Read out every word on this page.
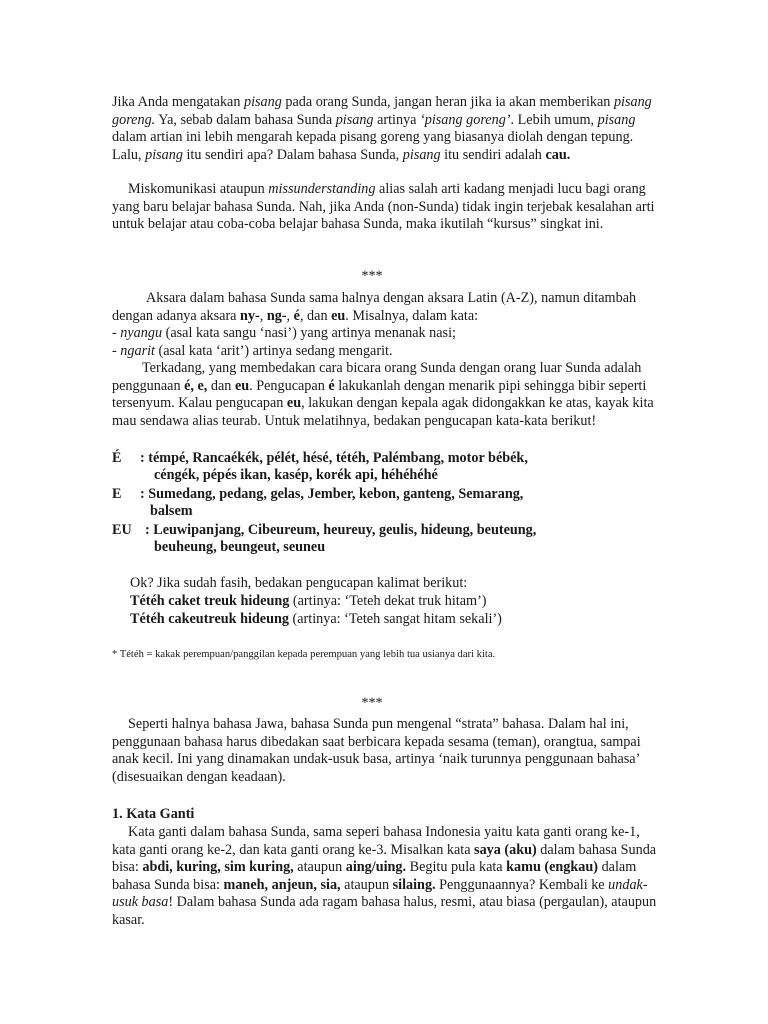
Jika Anda mengatakan pisang pada orang Sunda, jangan heran jika ia akan memberikan pisang goreng. Ya, sebab dalam bahasa Sunda pisang artinya ‘pisang goreng’. Lebih umum, pisang dalam artian ini lebih mengarah kepada pisang goreng yang biasanya diolah dengan tepung. Lalu, pisang itu sendiri apa? Dalam bahasa Sunda, pisang itu sendiri adalah cau.

Miskomunikasi ataupun missunderstanding alias salah arti kadang menjadi lucu bagi orang yang baru belajar bahasa Sunda. Nah, jika Anda (non-Sunda) tidak ingin terjebak kesalahan arti untuk belajar atau coba-coba belajar bahasa Sunda, maka ikutilah “kursus” singkat ini.

***

Aksara dalam bahasa Sunda sama halnya dengan aksara Latin (A-Z), namun ditambah dengan adanya aksara ny-, ng-, é, dan eu. Misalnya, dalam kata:

- nyangu (asal kata sangu ‘nasi’) yang artinya menanak nasi;

- ngarit (asal kata ‘arit’) artinya sedang mengarit.

Terkadang, yang membedakan cara bicara orang Sunda dengan orang luar Sunda adalah penggunaan é, e, dan eu. Pengucapan é lakukanlah dengan menarik pipi sehingga bibir seperti tersenyum. Kalau pengucapan eu, lakukan dengan kepala agak didongakkan ke atas, kayak kita mau sendawa alias teurab. Untuk melatihnya, bedakan pengucapan kata-kata berikut!

É : témpé, Rancaékék, pélét, hésé, tétéh, Palémbang, motor bébék,
céngék, pépés ikan, kasép, korék api, héhéhéhé
E : Sumedang, pedang, gelas, Jember, kebon, ganteng, Semarang,
balsem
EU : Leuwipanjang, Cibeureum, heureuy, geulis, hideung, beuteung,
beuheung, beungeut, seuneu

Ok? Jika sudah fasih, bedakan pengucapan kalimat berikut:

Tétéh caket treuk hideung (artinya: ‘Teteh dekat truk hitam’)

Tétéh cakeutreuk hideung (artinya: ‘Teteh sangat hitam sekali’)

* Tétéh = kakak perempuan/panggilan kepada perempuan yang lebih tua usianya dari kita.

***

Seperti halnya bahasa Jawa, bahasa Sunda pun mengenal “strata” bahasa. Dalam hal ini, penggunaan bahasa harus dibedakan saat berbicara kepada sesama (teman), orangtua, sampai anak kecil. Ini yang dinamakan undak-usuk basa, artinya ‘naik turunnya penggunaan bahasa’ (disesuaikan dengan keadaan).

1. Kata Ganti

Kata ganti dalam bahasa Sunda, sama seperi bahasa Indonesia yaitu kata ganti orang ke-1, kata ganti orang ke-2, dan kata ganti orang ke-3. Misalkan kata saya (aku) dalam bahasa Sunda bisa: abdi, kuring, sim kuring, ataupun aing/uing. Begitu pula kata kamu (engkau) dalam bahasa Sunda bisa: maneh, anjeun, sia, ataupun silaing. Penggunaannya? Kembali ke undak-usuk basa! Dalam bahasa Sunda ada ragam bahasa halus, resmi, atau biasa (pergaulan), ataupun kasar.
